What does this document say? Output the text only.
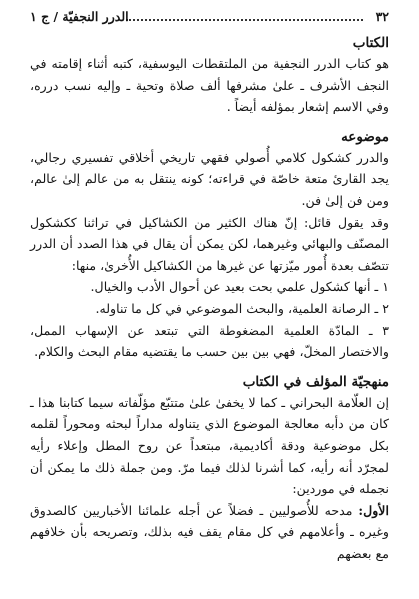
٣٢
الدرر النجفيّة / ج ١
الكتاب

هو كتاب الدرر النجفية من الملتقطات اليوسفية، كتبه أثناء إقامته في النجف الأشرف ـ علىٰ مشرفها ألف صلاة وتحية ـ وإليه نسب درره، وفي الاسم إشعار بمؤلفه أيضاً .

موضوعه

والدرر كشكول كلامي أُصولي فقهي تاريخي أخلاقي تفسيري رجالي، يجد القارئ متعة خاصّة في قراءته؛ كونه ينتقل به من عالم إلىٰ عالم، ومن فن إلىٰ فن.

وقد يقول قائل: إنّ هناك الكثير من الكشاكيل في تراثنا ككشكول المصنّف والبهائي وغيرهما، لكن يمكن أن يقال في هذا الصدد أن الدرر تتصّف بعدة أُمور ميّزتها عن غيرها من الكشاكيل الأُخرىٰ، منها:

١ ـ أنها كشكول علمي بحت بعيد عن أحوال الأدب والخيال.

٢ ـ الرصانة العلمية، والبحث الموضوعي في كل ما تناوله.

٣ ـ المادّة العلمية المضغوطة التي تبتعد عن الإسهاب الممل، والاختصار المخلّ، فهي بين بين حسب ما يقتضيه مقام البحث والكلام.

منهجيّة المؤلف في الكتاب

إن العلّامة البحراني ـ كما لا يخفىٰ علىٰ متتبّع مؤلّفاته سيما كتابنا هذا ـ كان من دأبه معالجة الموضوع الذي يتناوله مداراً لبحثه ومحوراً لقلمه بكل موضوعية ودقة أكاديمية، مبتعداً عن روح المطل وإعلاء رأيه لمجرّد أنه رأيه، كما أشرنا لذلك فيما مرّ. ومن جملة ذلك ما يمكن أن نجمله في موردين:

الأول: مدحه للأُصوليين ـ فضلاً عن أجله علمائنا الأخباريين كالصدوق وغيره ـ وأعلامهم في كل مقام يقف فيه بذلك، وتصريحه بأن خلافهم مع بعضهم
